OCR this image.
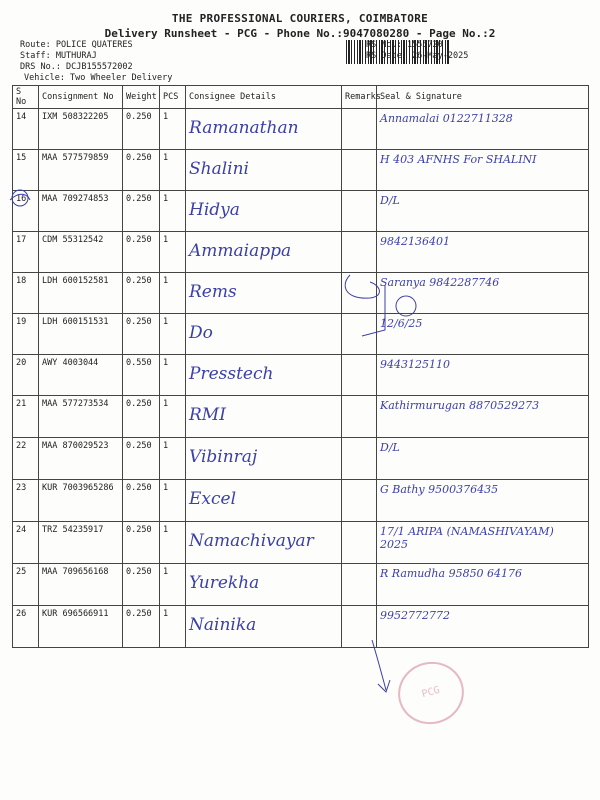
THE PROFESSIONAL COURIERS, COIMBATORE
Delivery Runsheet - PCG - Phone No.:9047080280 - Page No.:2
Route: POLICE QUATERES
Staff: MUTHURAJ
DRS No.: DCJB155572002
Vehicle: Two Wheeler Delivery
RS No.: 1555720
RS Date: 26-May-2025
S No	Consignment No	Weight	PCS	Consignee Details	Remarks	Seal & Signature
14	IXM 508322205	0.250	1	Ramanathan		Annamalai 0122711328

15	MAA 577579859	0.250	1	Shalini		H 403 AFNHS For SHALINI

16	MAA 709274853	0.250	1	Hidya		D/L

17	CDM 55312542	0.250	1	Ammaiappa		9842136401

18	LDH 600152581	0.250	1	Rems		Saranya 9842287746

19	LDH 600151531	0.250	1	Do		12/6/25

20	AWY 4003044	0.550	1	Presstech		9443125110

21	MAA 577273534	0.250	1	RMI		Kathirmurugan 8870529273

22	MAA 870029523	0.250	1	Vibinraj		D/L

23	KUR 7003965286	0.250	1	Excel		G Bathy 9500376435

24	TRZ 54235917	0.250	1	Namachivayar		17/1 ARIPA (NAMASHIVAYAM) 2025

25	MAA 709656168	0.250	1	Yurekha		R Ramudha 95850 64176

26	KUR 696566911	0.250	1	Nainika		9952772772
PCG
